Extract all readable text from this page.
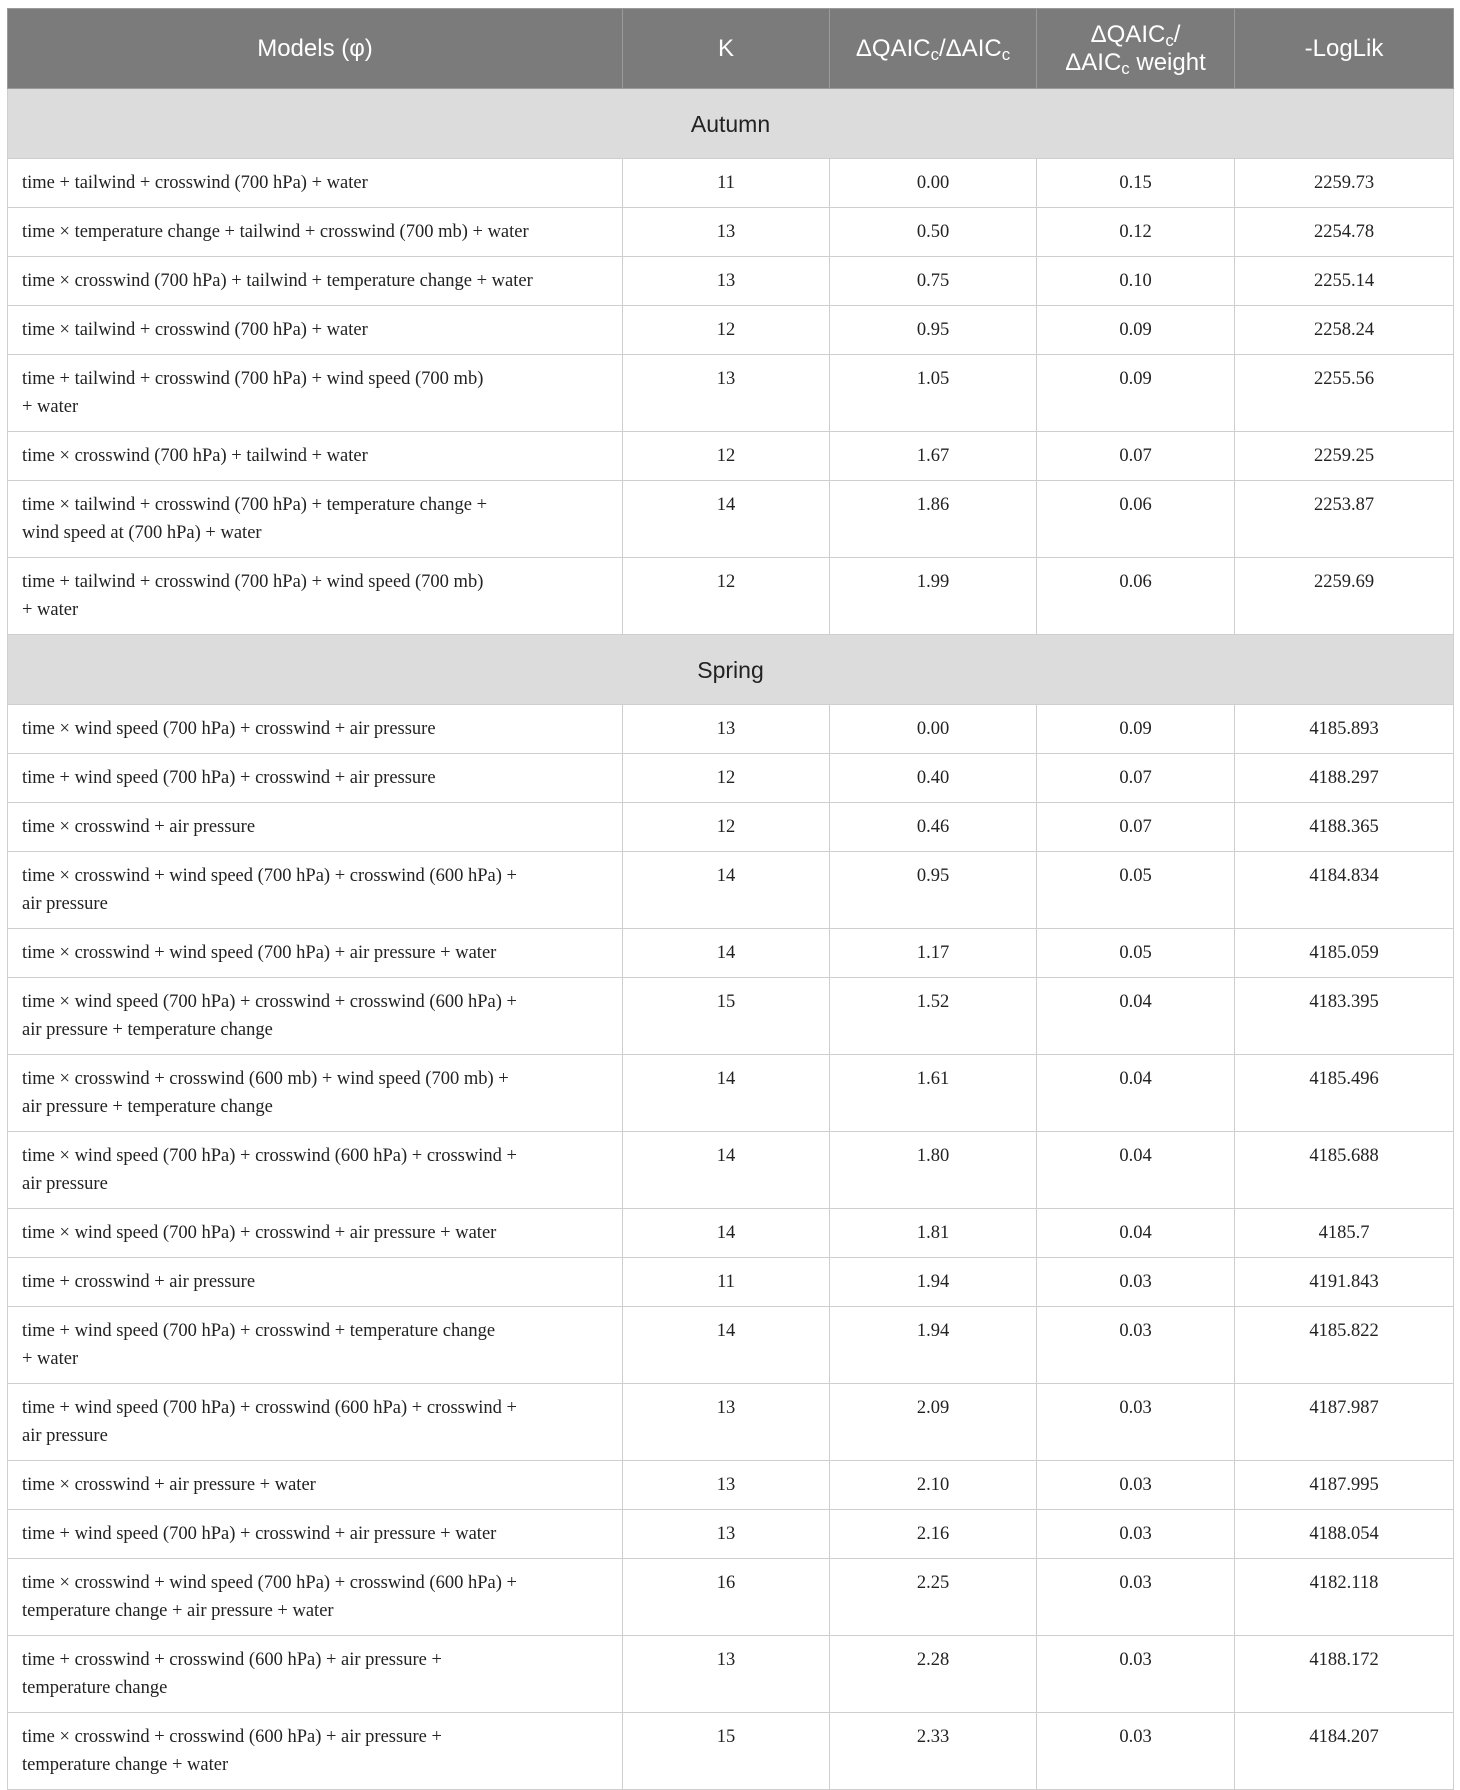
Models (φ)	K	$\Delta QAIC_c/\Delta AIC_c$	$\Delta QAIC_c/$
$\Delta AIC_c$ weight	-LogLik
Autumn				

time + tailwind + crosswind (700 hPa) + water	11	0.00	0.15	2259.73

time × temperature change + tailwind + crosswind (700 mb) + water	13	0.50	0.12	2254.78

time × crosswind (700 hPa) + tailwind + temperature change + water	13	0.75	0.10	2255.14

time × tailwind + crosswind (700 hPa) + water	12	0.95	0.09	2258.24

time + tailwind + crosswind (700 hPa) + wind speed (700 mb)
+ water	13	1.05	0.09	2255.56

time × crosswind (700 hPa) + tailwind + water	12	1.67	0.07	2259.25

time × tailwind + crosswind (700 hPa) + temperature change +
wind speed at (700 hPa) + water	14	1.86	0.06	2253.87

time + tailwind + crosswind (700 hPa) + wind speed (700 mb)
+ water	12	1.99	0.06	2259.69
Spring				

time × wind speed (700 hPa) + crosswind + air pressure	13	0.00	0.09	4185.893

time + wind speed (700 hPa) + crosswind + air pressure	12	0.40	0.07	4188.297

time × crosswind + air pressure	12	0.46	0.07	4188.365

time × crosswind + wind speed (700 hPa) + crosswind (600 hPa) +
air pressure	14	0.95	0.05	4184.834

time × crosswind + wind speed (700 hPa) + air pressure + water	14	1.17	0.05	4185.059

time × wind speed (700 hPa) + crosswind + crosswind (600 hPa) +
air pressure + temperature change	15	1.52	0.04	4183.395

time × crosswind + crosswind (600 mb) + wind speed (700 mb) +
air pressure + temperature change	14	1.61	0.04	4185.496

time × wind speed (700 hPa) + crosswind (600 hPa) + crosswind +
air pressure	14	1.80	0.04	4185.688

time × wind speed (700 hPa) + crosswind + air pressure + water	14	1.81	0.04	4185.7

time + crosswind + air pressure	11	1.94	0.03	4191.843

time + wind speed (700 hPa) + crosswind + temperature change
+ water	14	1.94	0.03	4185.822

time + wind speed (700 hPa) + crosswind (600 hPa) + crosswind +
air pressure	13	2.09	0.03	4187.987

time × crosswind + air pressure + water	13	2.10	0.03	4187.995

time + wind speed (700 hPa) + crosswind + air pressure + water	13	2.16	0.03	4188.054

time × crosswind + wind speed (700 hPa) + crosswind (600 hPa) +
temperature change + air pressure + water	16	2.25	0.03	4182.118

time + crosswind + crosswind (600 hPa) + air pressure +
temperature change	13	2.28	0.03	4188.172

time × crosswind + crosswind (600 hPa) + air pressure +
temperature change + water	15	2.33	0.03	4184.207
